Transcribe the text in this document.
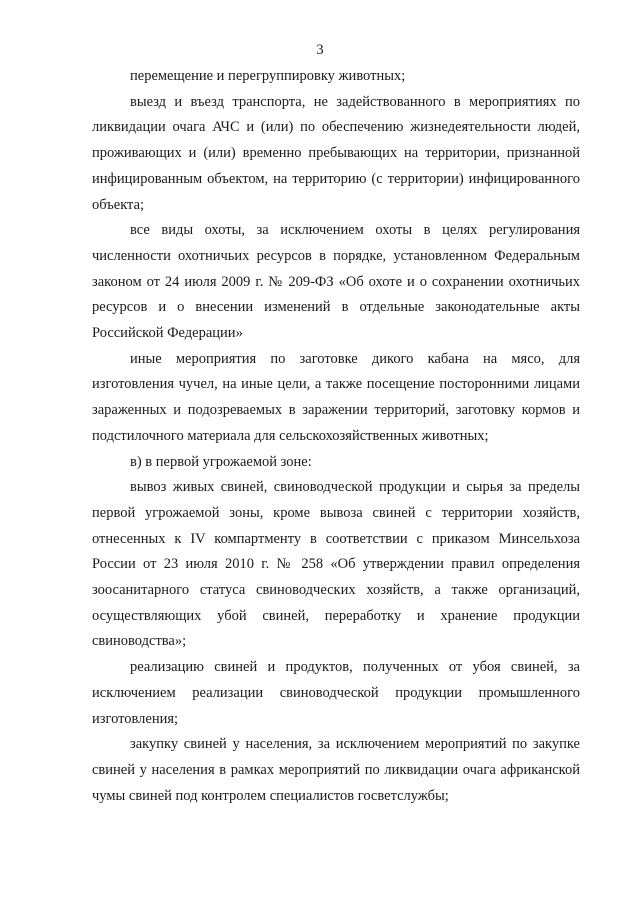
3

перемещение и перегруппировку животных;

выезд и въезд транспорта, не задействованного в мероприятиях по ликвидации очага АЧС и (или) по обеспечению жизнедеятельности людей, проживающих и (или) временно пребывающих на территории, признанной инфицированным объектом, на территорию (с территории) инфицированного объекта;

все виды охоты, за исключением охоты в целях регулирования численности охотничьих ресурсов в порядке, установленном Федеральным законом от 24 июля 2009 г. № 209-ФЗ «Об охоте и о сохранении охотничьих ресурсов и о внесении изменений в отдельные законодательные акты Российской Федерации»

иные мероприятия по заготовке дикого кабана на мясо, для изготовления чучел, на иные цели, а также посещение посторонними лицами зараженных и подозреваемых в заражении территорий, заготовку кормов и подстилочного материала для сельскохозяйственных животных;

в) в первой угрожаемой зоне:

вывоз живых свиней, свиноводческой продукции и сырья за пределы первой угрожаемой зоны, кроме вывоза свиней с территории хозяйств, отнесенных к IV компартменту в соответствии с приказом Минсельхоза России от 23 июля 2010 г. № 258 «Об утверждении правил определения зоосанитарного статуса свиноводческих хозяйств, а также организаций, осуществляющих убой свиней, переработку и хранение продукции свиноводства»;

реализацию свиней и продуктов, полученных от убоя свиней, за исключением реализации свиноводческой продукции промышленного изготовления;

закупку свиней у населения, за исключением мероприятий по закупке свиней у населения в рамках мероприятий по ликвидации очага африканской чумы свиней под контролем специалистов госветслужбы;
